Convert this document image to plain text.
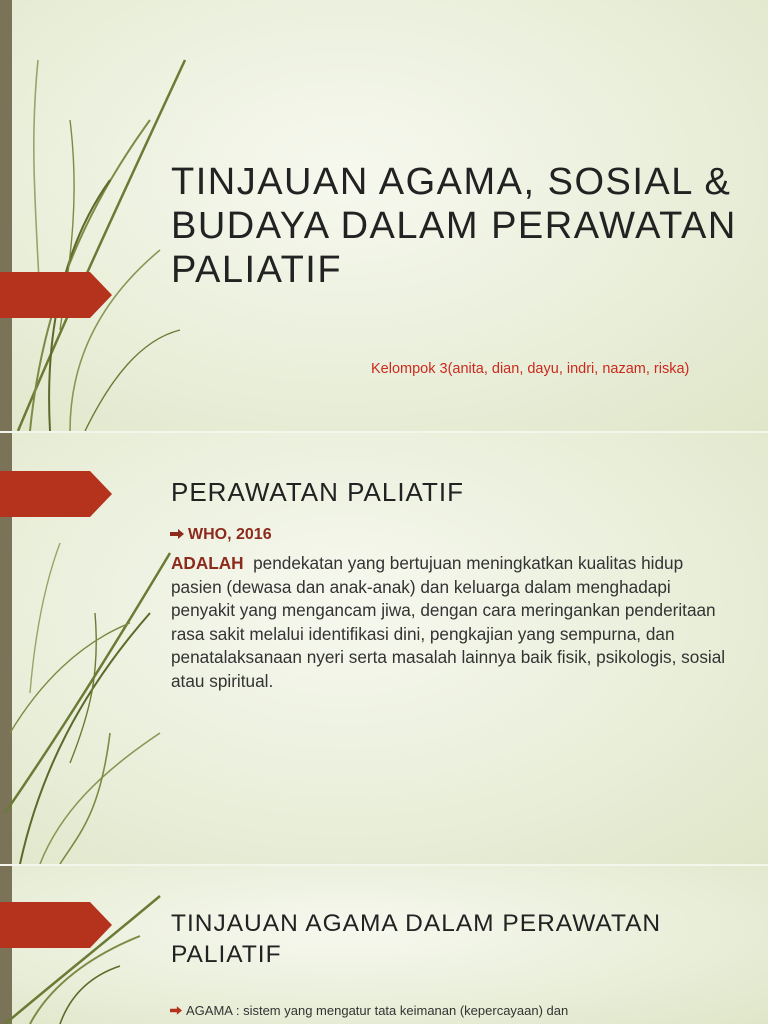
TINJAUAN AGAMA, SOSIAL & BUDAYA DALAM PERAWATAN PALIATIF
Kelompok 3(anita, dian, dayu, indri, nazam, riska)
PERAWATAN PALIATIF
WHO, 2016
ADALAH pendekatan yang bertujuan meningkatkan kualitas hidup pasien (dewasa dan anak-anak) dan keluarga dalam menghadapi penyakit yang mengancam jiwa, dengan cara meringankan penderitaan rasa sakit melalui identifikasi dini, pengkajian yang sempurna, dan penatalaksanaan nyeri serta masalah lainnya baik fisik, psikologis, sosial atau spiritual.
TINJAUAN AGAMA DALAM PERAWATAN PALIATIF
AGAMA : sistem yang mengatur tata keimanan (kepercayaan) dan
